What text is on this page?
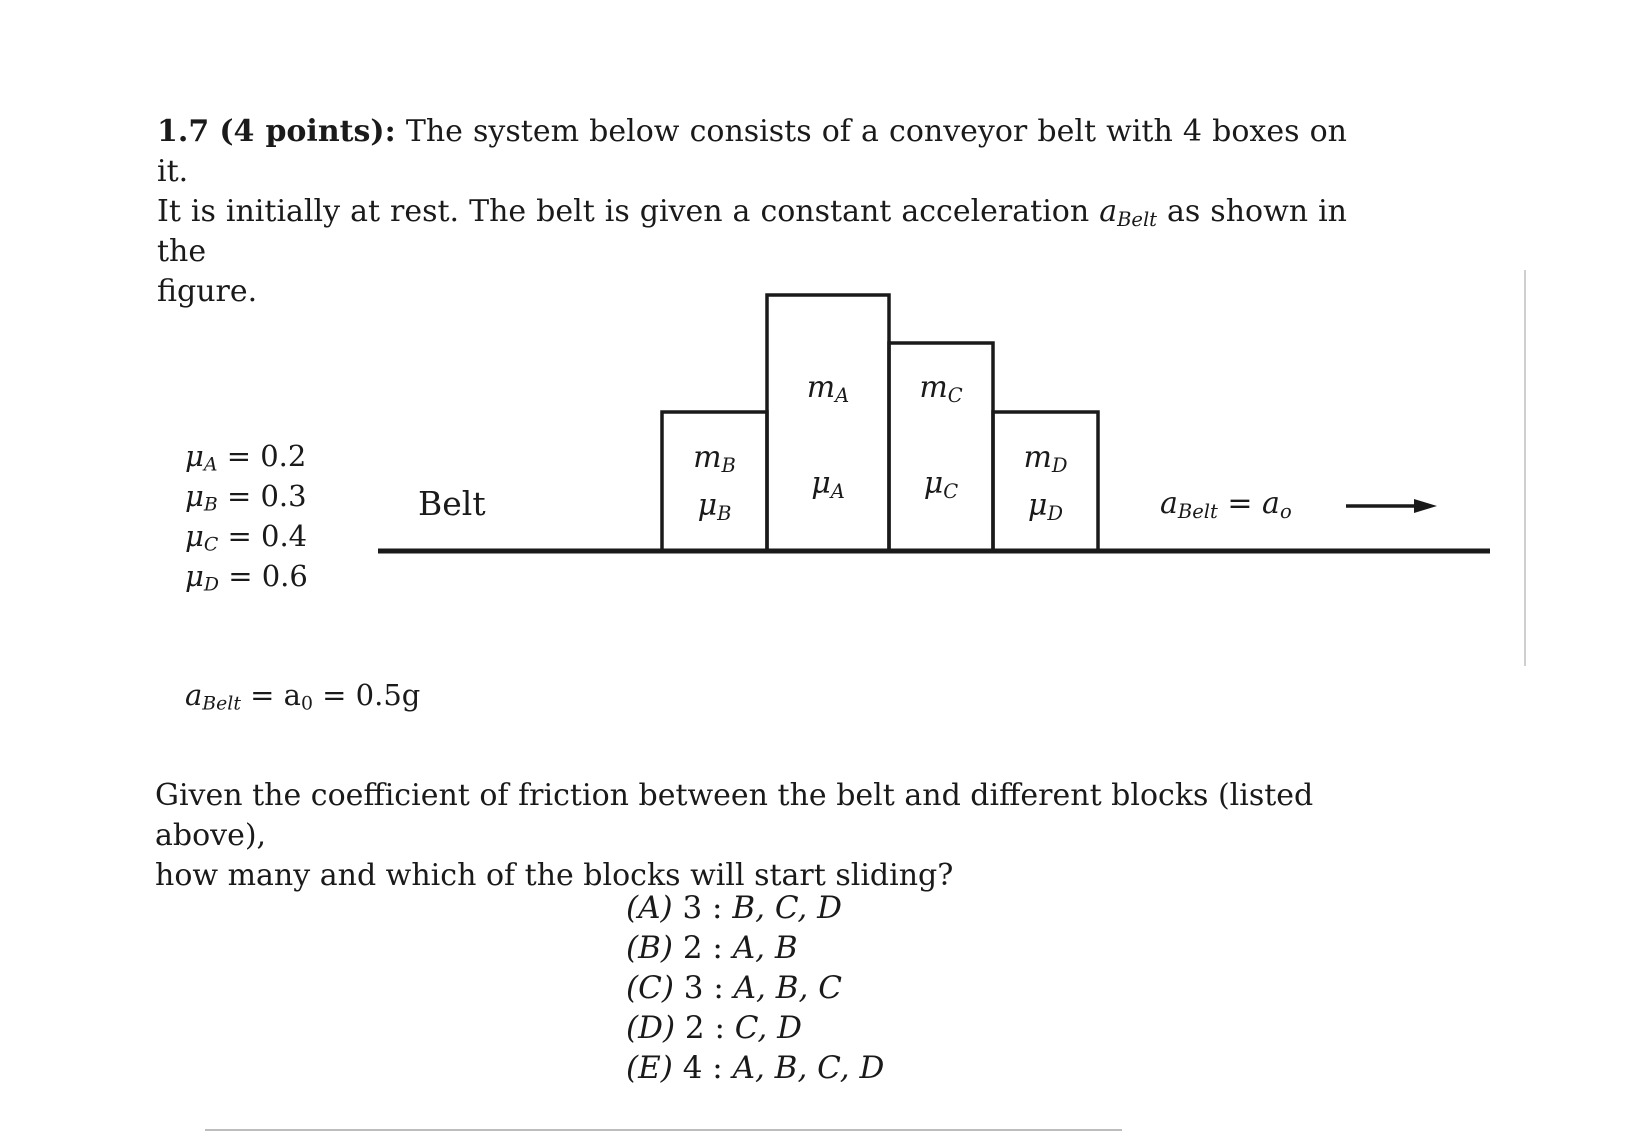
1.7 (4 points): The system below consists of a conveyor belt with 4 boxes on it.
It is initially at rest. The belt is given a constant acceleration $a_{Belt}$ as shown in the
figure.
$\mu_A = 0.2$
$\mu_B = 0.3$
$\mu_C = 0.4$
$\mu_D = 0.6$
$a_{Belt} = a_0 = 0.5g$
Belt
$m_B$
$\mu_B$
$m_A$
$\mu_A$
$m_C$
$\mu_C$
$m_D$
$\mu_D$	$a_{Belt} = a_o$
Given the coefficient of friction between the belt and different blocks (listed above),
how many and which of the blocks will start sliding?
(A) 3 : B, C, D
(B) 2 : A, B
(C) 3 : A, B, C
(D) 2 : C, D
(E) 4 : A, B, C, D
